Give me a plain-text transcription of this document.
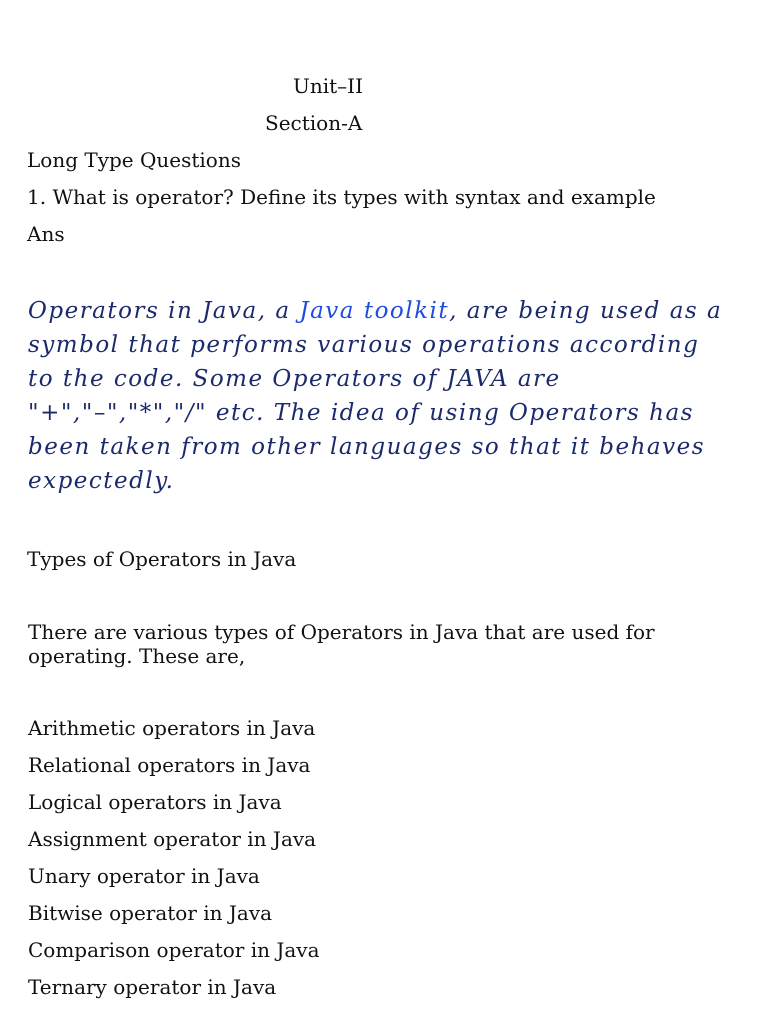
Unit–II
Section-A
Long Type Questions
1. What is operator? Define its types with syntax and example
Ans
Operators in Java, a Java toolkit, are being used as a symbol that performs various operations according to the code. Some Operators of JAVA are "+","–","*","/" etc. The idea of using Operators has been taken from other languages so that it behaves expectedly.
Types of Operators in Java
There are various types of Operators in Java that are used for operating. These are,
Arithmetic operators in Java
Relational operators in Java
Logical operators in Java
Assignment operator in Java
Unary operator in Java
Bitwise operator in Java
Comparison operator in Java
Ternary operator in Java
